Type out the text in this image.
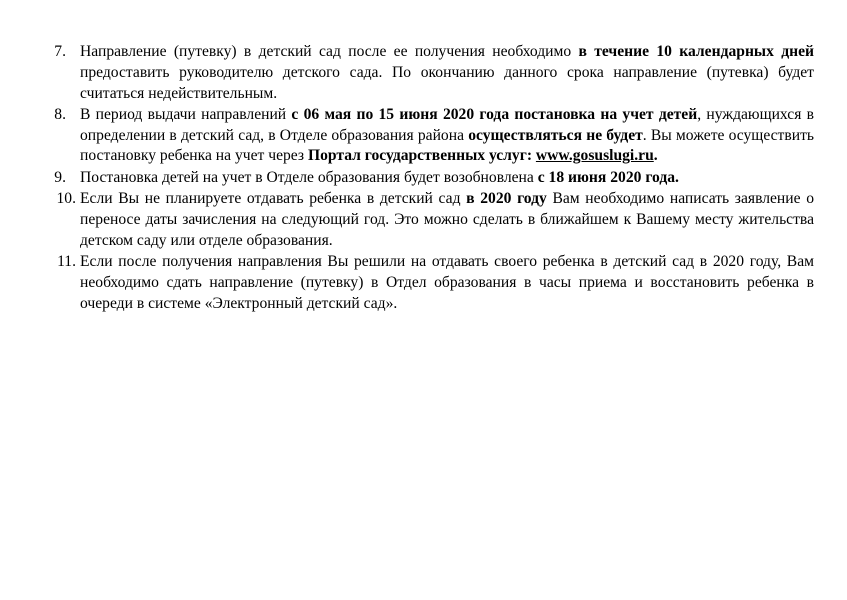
7. Направление (путевку) в детский сад после ее получения необходимо в течение 10 календарных дней предоставить руководителю детского сада. По окончанию данного срока направление (путевка) будет считаться недействительным.
8. В период выдачи направлений с 06 мая по 15 июня 2020 года постановка на учет детей, нуждающихся в определении в детский сад, в Отделе образования района осуществляться не будет. Вы можете осуществить постановку ребенка на учет через Портал государственных услуг: www.gosuslugi.ru.
9. Постановка детей на учет в Отделе образования будет возобновлена с 18 июня 2020 года.
10. Если Вы не планируете отдавать ребенка в детский сад в 2020 году Вам необходимо написать заявление о переносе даты зачисления на следующий год. Это можно сделать в ближайшем к Вашему месту жительства детском саду или отделе образования.
11. Если после получения направления Вы решили на отдавать своего ребенка в детский сад в 2020 году, Вам необходимо сдать направление (путевку) в Отдел образования в часы приема и восстановить ребенка в очереди в системе «Электронный детский сад».
